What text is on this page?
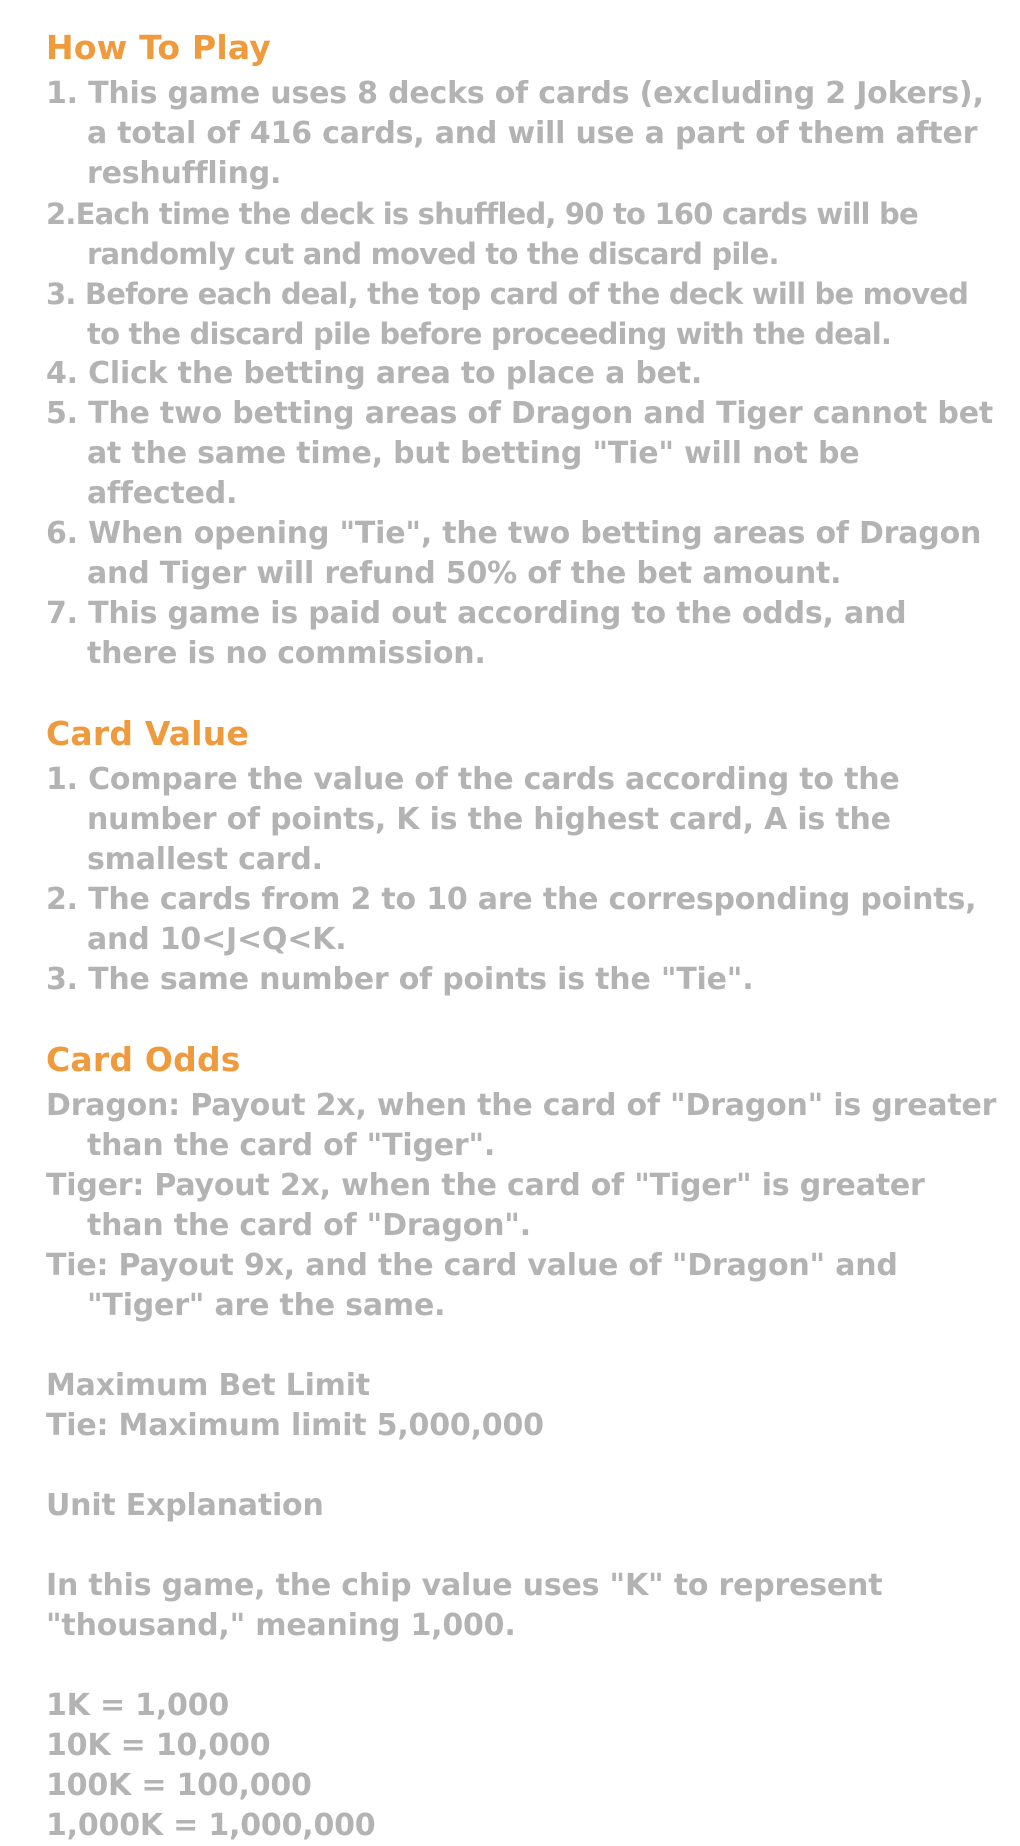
How To Play

1. This game uses 8 decks of cards (excluding 2 Jokers), a total of 416 cards, and will use a part of them after reshuffling.

2.Each time the deck is shuffled, 90 to 160 cards will be randomly cut and moved to the discard pile.

3. Before each deal, the top card of the deck will be moved to the discard pile before proceeding with the deal.

4. Click the betting area to place a bet.

5. The two betting areas of Dragon and Tiger cannot bet at the same time, but betting "Tie" will not be affected.

6. When opening "Tie", the two betting areas of Dragon and Tiger will refund 50% of the bet amount.

7. This game is paid out according to the odds, and there is no commission.

Card Value

1. Compare the value of the cards according to the number of points, K is the highest card, A is the smallest card.

2. The cards from 2 to 10 are the corresponding points, and 10<J<Q<K.

3. The same number of points is the "Tie".

Card Odds

Dragon: Payout 2x, when the card of "Dragon" is greater than the card of "Tiger".

Tiger: Payout 2x, when the card of "Tiger" is greater than the card of "Dragon".

Tie: Payout 9x, and the card value of "Dragon" and "Tiger" are the same.

Maximum Bet Limit

Tie: Maximum limit 5,000,000

Unit Explanation

In this game, the chip value uses "K" to represent "thousand," meaning 1,000.

1K = 1,000

10K = 10,000

100K = 100,000

1,000K = 1,000,000
